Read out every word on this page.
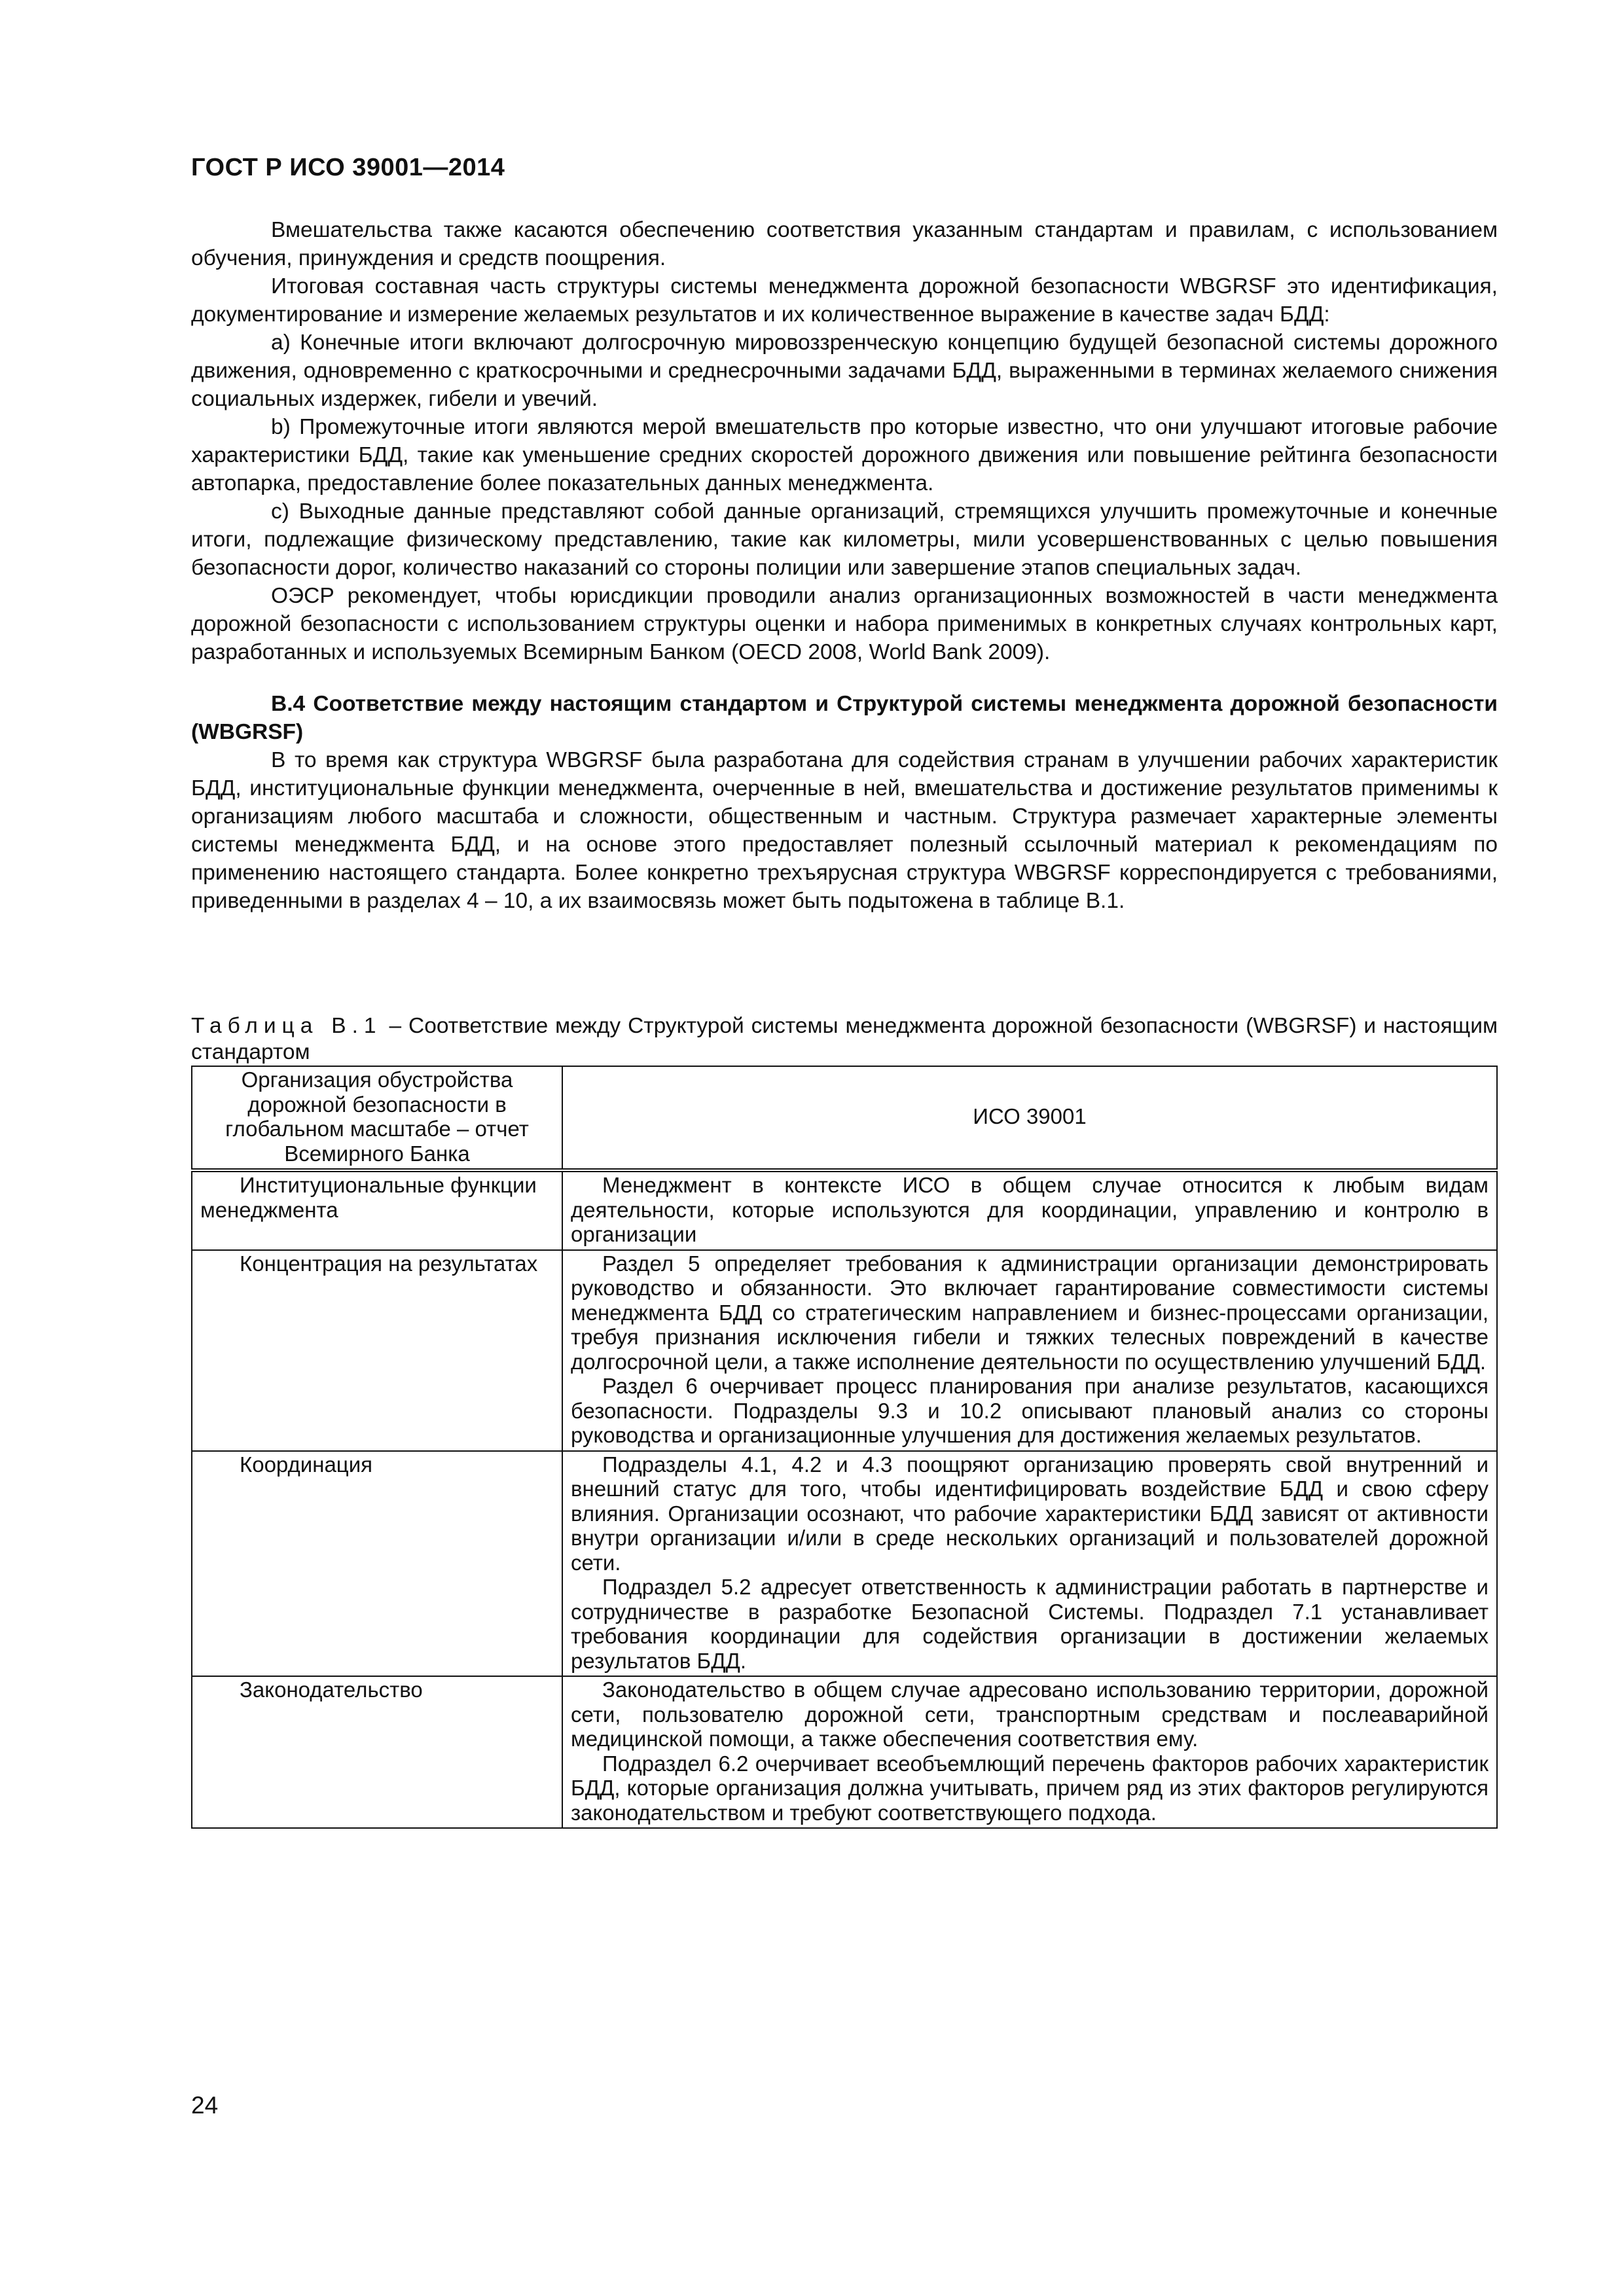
ГОСТ Р ИСО 39001—2014

Вмешательства также касаются обеспечению соответствия указанным стандартам и правилам, с использованием обучения, принуждения и средств поощрения.

Итоговая составная часть структуры системы менеджмента дорожной безопасности WBGRSF это идентификация, документирование и измерение желаемых результатов и их количественное выражение в качестве задач БДД:

а) Конечные итоги включают долгосрочную мировоззренческую концепцию будущей безопасной системы дорожного движения, одновременно с краткосрочными и среднесрочными задачами БДД, выраженными в терминах желаемого снижения социальных издержек, гибели и увечий.

b) Промежуточные итоги являются мерой вмешательств про которые известно, что они улучшают итоговые рабочие характеристики БДД, такие как уменьшение средних скоростей дорожного движения или повышение рейтинга безопасности автопарка, предоставление более показательных данных менеджмента.

с) Выходные данные представляют собой данные организаций, стремящихся улучшить промежуточные и конечные итоги, подлежащие физическому представлению, такие как километры, мили усовершенствованных с целью повышения безопасности дорог, количество наказаний со стороны полиции или завершение этапов специальных задач.

ОЭСР рекомендует, чтобы юрисдикции проводили анализ организационных возможностей в части менеджмента дорожной безопасности с использованием структуры оценки и набора применимых в конкретных случаях контрольных карт, разработанных и используемых Всемирным Банком (OECD 2008, World Bank 2009).

В.4 Соответствие между настоящим стандартом и Структурой системы менеджмента дорожной безопасности (WBGRSF)

В то время как структура WBGRSF была разработана для содействия странам в улучшении рабочих характеристик БДД, институциональные функции менеджмента, очерченные в ней, вмешательства и достижение результатов применимы к организациям любого масштаба и сложности, общественным и частным. Структура размечает характерные элементы системы менеджмента БДД, и на основе этого предоставляет полезный ссылочный материал к рекомендациям по применению настоящего стандарта. Более конкретно трехъярусная структура WBGRSF корреспондируется с требованиями, приведенными в разделах 4 – 10, а их взаимосвязь может быть подытожена в таблице В.1.

Таблица В.1 – Соответствие между Структурой системы менеджмента дорожной безопасности (WBGRSF) и настоящим стандартом
Организация обустройства дорожной безопасности в глобальном масштабе – отчет Всемирного Банка	ИСО 39001
Институциональные функции менеджмента	Менеджмент в контексте ИСО в общем случае относится к любым видам деятельности, которые используются для координации, управлению и контролю в организации

Концентрация на результатах	Раздел 5 определяет требования к администрации организации демонстрировать руководство и обязанности. Это включает гарантирование совместимости системы менеджмента БДД со стратегическим направлением и бизнес-процессами организации, требуя признания исключения гибели и тяжких телесных повреждений в качестве долгосрочной цели, а также исполнение деятельности по осуществлению улучшений БДД.

Раздел 6 очерчивает процесс планирования при анализе результатов, касающихся безопасности. Подразделы 9.3 и 10.2 описывают плановый анализ со стороны руководства и организационные улучшения для достижения желаемых результатов.

Координация	Подразделы 4.1, 4.2 и 4.3 поощряют организацию проверять свой внутренний и внешний статус для того, чтобы идентифицировать воздействие БДД и свою сферу влияния. Организации осознают, что рабочие характеристики БДД зависят от активности внутри организации и/или в среде нескольких организаций и пользователей дорожной сети.

Подраздел 5.2 адресует ответственность к администрации работать в партнерстве и сотрудничестве в разработке Безопасной Системы. Подраздел 7.1 устанавливает требования координации для содействия организации в достижении желаемых результатов БДД.

Законодательство	Законодательство в общем случае адресовано использованию территории, дорожной сети, пользователю дорожной сети, транспортным средствам и послеаварийной медицинской помощи, а также обеспечения соответствия ему.

Подраздел 6.2 очерчивает всеобъемлющий перечень факторов рабочих характеристик БДД, которые организация должна учитывать, причем ряд из этих факторов регулируются законодательством и требуют соответствующего подхода.

24
